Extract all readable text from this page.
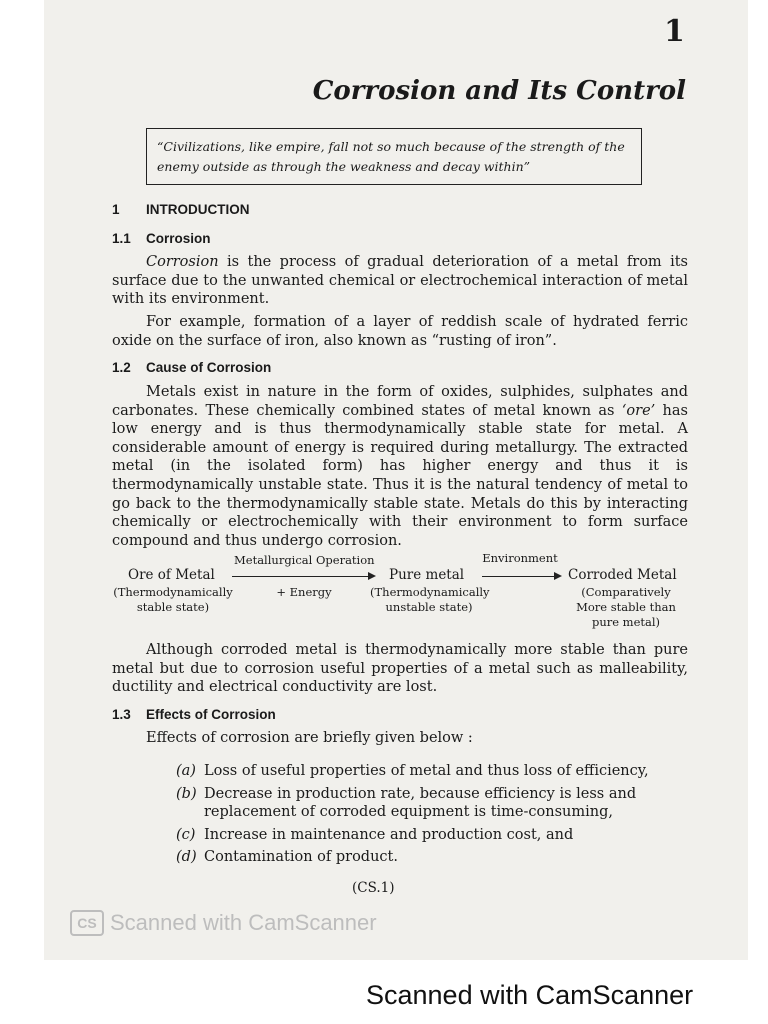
1
Corrosion and Its Control
“Civilizations, like empire, fall not so much because of the strength of the enemy outside as through the weakness and decay within”
1 INTRODUCTION
1.1 Corrosion
Corrosion is the process of gradual deterioration of a metal from its surface due to the unwanted chemical or electrochemical interaction of metal with its environment.
For example, formation of a layer of reddish scale of hydrated ferric oxide on the surface of iron, also known as “rusting of iron”.
1.2 Cause of Corrosion
Metals exist in nature in the form of oxides, sulphides, sulphates and carbonates. These chemically combined states of metal known as ‘ore’ has low energy and is thus thermodynamically stable state for metal. A considerable amount of energy is required during metallurgy. The extracted metal (in the isolated form) has higher energy and thus it is thermodynamically unstable state. Thus it is the natural tendency of metal to go back to the thermodynamically stable state. Metals do this by interacting chemically or electrochemically with their environment to form surface compound and thus undergo corrosion.
Ore of Metal
(Thermodynamically
stable state)
Metallurgical Operation
+ Energy
Pure metal
(Thermodynamically
unstable state)
Environment
Corroded Metal
(Comparatively
More stable than
pure metal)
Although corroded metal is thermodynamically more stable than pure metal but due to corrosion useful properties of a metal such as malleability, ductility and electrical conductivity are lost.
1.3 Effects of Corrosion
Effects of corrosion are briefly given below :
(a) Loss of useful properties of metal and thus loss of efficiency,
(b) Decrease in production rate, because efficiency is less and replacement of corroded equipment is time-consuming,
(c) Increase in maintenance and production cost, and
(d) Contamination of product.
(CS.1)
CS Scanned with CamScanner
Scanned with CamScanner
